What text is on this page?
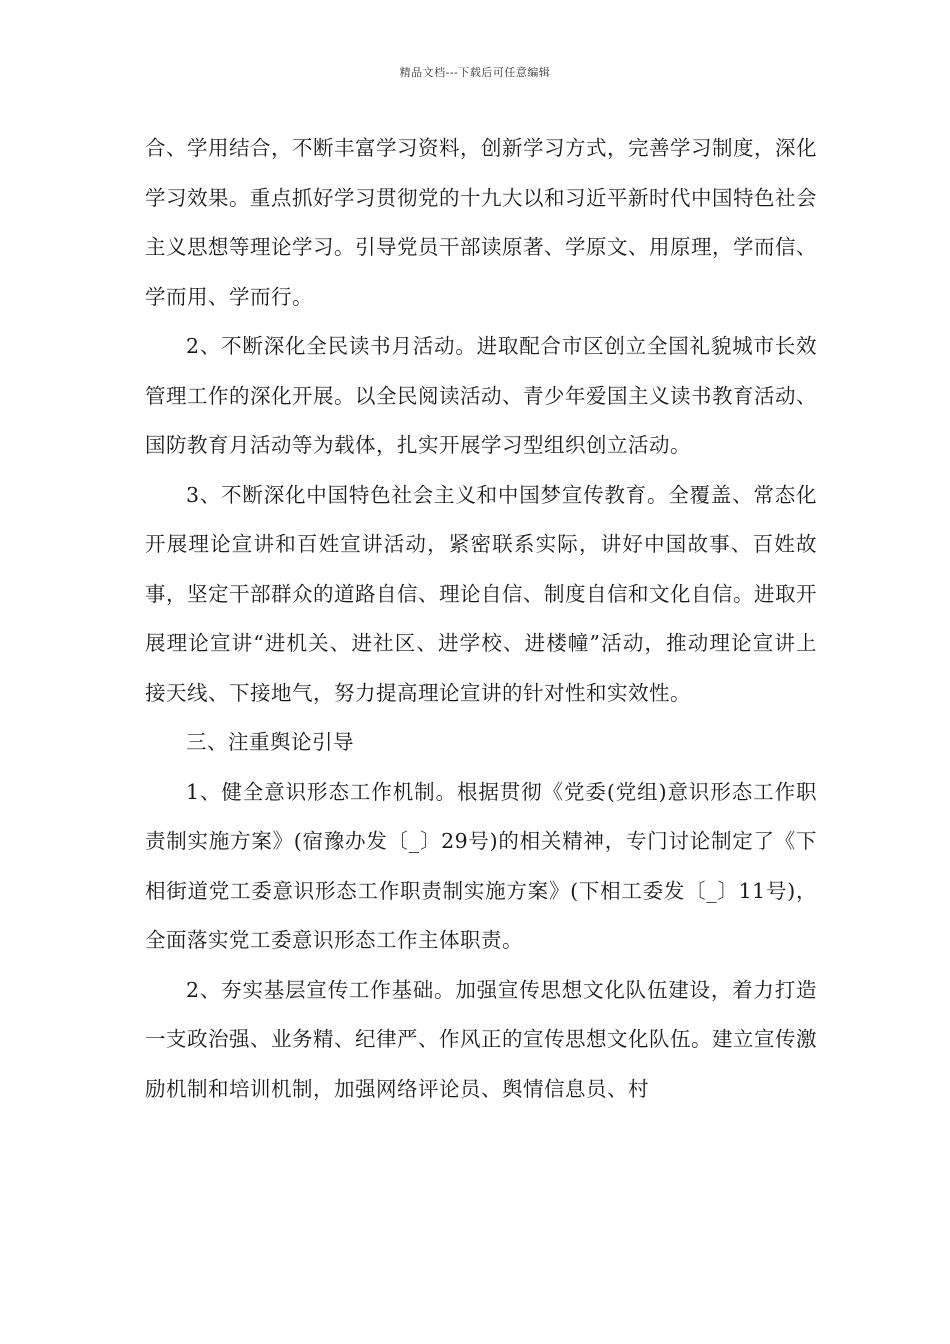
精品文档---下载后可任意编辑

合、学用结合，不断丰富学习资料，创新学习方式，完善学习制度，深化学习效果。重点抓好学习贯彻党的十九大以和习近平新时代中国特色社会主义思想等理论学习。引导党员干部读原著、学原文、用原理，学而信、学而用、学而行。

2、不断深化全民读书月活动。进取配合市区创立全国礼貌城市长效管理工作的深化开展。以全民阅读活动、青少年爱国主义读书教育活动、国防教育月活动等为载体，扎实开展学习型组织创立活动。

3、不断深化中国特色社会主义和中国梦宣传教育。全覆盖、常态化开展理论宣讲和百姓宣讲活动，紧密联系实际，讲好中国故事、百姓故事，坚定干部群众的道路自信、理论自信、制度自信和文化自信。进取开展理论宣讲“进机关、进社区、进学校、进楼幢”活动，推动理论宣讲上接天线、下接地气，努力提高理论宣讲的针对性和实效性。

三、注重舆论引导

1、健全意识形态工作机制。根据贯彻《党委(党组)意识形态工作职责制实施方案》(宿豫办发〔_〕29号)的相关精神，专门讨论制定了《下相街道党工委意识形态工作职责制实施方案》(下相工委发〔_〕11号)，全面落实党工委意识形态工作主体职责。

2、夯实基层宣传工作基础。加强宣传思想文化队伍建设，着力打造一支政治强、业务精、纪律严、作风正的宣传思想文化队伍。建立宣传激励机制和培训机制，加强网络评论员、舆情信息员、村
